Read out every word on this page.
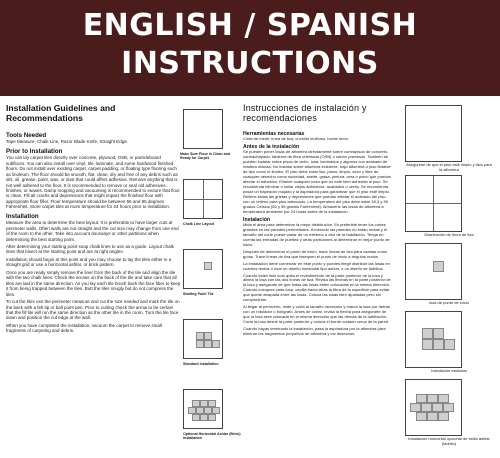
ENGLISH / SPANISH
INSTRUCTIONS
Installation Guidelines and Recommendations
Tools Needed
Tape Measure, Chalk Line, Razor Blade Knife, Straight Edge.
Prior to Installation
You can lay carpet tiles directly over concrete, plywood, OSB, or particleboard subfloors. You can also install over vinyl, tile, laminate, and some hardwood finished floors. Do not install over existing carpet, carpet padding, or floating type flooring such as linoleum. The floor should be smooth, flat, clean, dry and free of any debris such as dirt, oil, grease, paint, wax, or dust that could affect adhesive. Remove anything that is not well adhered to the floor. It is recommended to remove or seal old adhesives, finishes, or waxes. Damp mopping and vacuuming is recommended to ensure that floor is clean. Fill all cracks and depressions that might impact the finished floor with appropriate floor filler. Floor temperature should be between 65 and 95 degrees Fahrenheit. Store carpet tiles at room temperature for 24 hours prior to installation.
Installation
Measure the area to determine the best layout. It is preferable to have larger cuts at perimeter walls. Often walls are not straight and the cut size may change from one end of the room to the other. Take into account doorways or other partitions when determining the best starting point.
After determining your starting point snap chalk lines to use as a guide. Layout chalk lines that bisect at the starting point and are at right angles.
Installation should begin at this point and you may choose to lay the tiles either in a straight grid or use a horizontal ashlar, or brick pattern.
Once you are ready simply remove the liner from the back of the tile and align the tile with the two chalk lines. Check the arrows on the back of the tile and take care that all tiles are laid in the same direction. As you lay each tile brush back the face fiber to keep it from being trapped between the tiles. Butt the tiles snugly but do not compress the tiles.
To cut the tiles use the perimeter measure and cut the size needed and mark the tile on the back with a felt tip or ball point pen. Prior to cutting check the arrow to be certain that the fill tile will run the same direction as the other tile in the room. Turn the tile face down and position the cut edge at the wall.
When you have completed the installation, vacuum the carpet to remove small fragments of carpeting and debris.
Make Sure Floor is Clean and Ready for Carpet
Chalk Line Layout
Starting Point Tile
Standard Installation
Optional Horizontal Ashlar (Brick) Installation
Instrucciones de instalación y recomendaciones
Herramientas necesarias
Cinta de medir, línea de tiza, cuchilla multiuso, borde recto.
Antes de la instalación
Se pueden poner losas de alfombra directamente sobre contrapisos de concreto, contrachapado, tableros de fibra orientada (OSB) o cartón prensado. También se pueden instalar sobre pisos de vinilo, losa, laminados y algunos con acabado de madera maciza. No instalar sobre alfombra existente, bajo alfombra o piso flotante de tipo como el linóleo. El piso debe estar liso, plano, limpio, seco y libre de cualquier desecho como suciedad, aceite, grasa, pintura, cera o polvo que puedan afectar el adhesivo. Elimine cualquier cosa que no esté bien adherida al piso. Se recomienda eliminar o sellar viejos adhesivos, acabados o ceras. Se recomienda pasar un trapeador mojado y la aspiradora para garantizar que el piso esté limpio. Rellene todas las grietas y depresiones que puedan afectar el acabado del piso con un relleno para piso adecuado. La temperatura del piso debe estar 18,3 y 35 grados Celsius (65 y 95 grados Fahrenheit). Almacene las losas de alfombra a temperatura ambiente por 24 horas antes de la instalación.
Instalación
Mida el área para determinar la mejor distribución. Es preferible tener los cortes grandes en las paredes perimetrales. A menudo las paredes no están rectas y el tamaño del corte puede variar de un extremo a otro de la habitación. Tenga en cuenta las entradas de puertas y otras particiones al determinar el mejor punto de inicio.
Después de determinar el punto de inicio, trace líneas de tiza para usarlas como guías. Trace líneas de tiza que bisequen el punto de inicio a ángulos rectos.
La instalación debe comenzar en este punto y puedes elegir distribuir las losas en cuadros rectos o usar un diseño horizontal tipo ashlar, o un diseño de ladrillos.
Cuando estés listo solo quita el revestimiento de la parte posterior de la losa y alinea la losa con las dos líneas de tiza. Revisa las flechas en la parte posterior de la losa y asegúrate de que todas las losas estén colocadas en la misma dirección. Cuando coloques cada losa, cepilla hacia atrás la fibra de la superficie para evitar que quede atrapada entre las losas. Coloca las losas bien ajustadas pero sin comprimirlas.
Al llegar al perímetro, mide y corta al tamaño necesario y marca la losa por detrás con un rotulador o bolígrafo. Antes de cortar, revisa la flecha para asegurarte de que la losa será colocada en la misma dirección que las demás de la habitación. Corta la losa desde la parte posterior y coloca el borde cortado cerca de la pared.
Cuando hayas terminado la instalación, pasa la aspiradora por la alfombra para eliminar los fragmentos pequeños de alfombra y los desechos.
Asegúrese de que el piso esté limpio y listo para la alfombra
Distribución de línea de tiza
losa de punto de inicio
Instalación estándar
Instalación horizontal opcional de estilo ashlar (ladrillo)
